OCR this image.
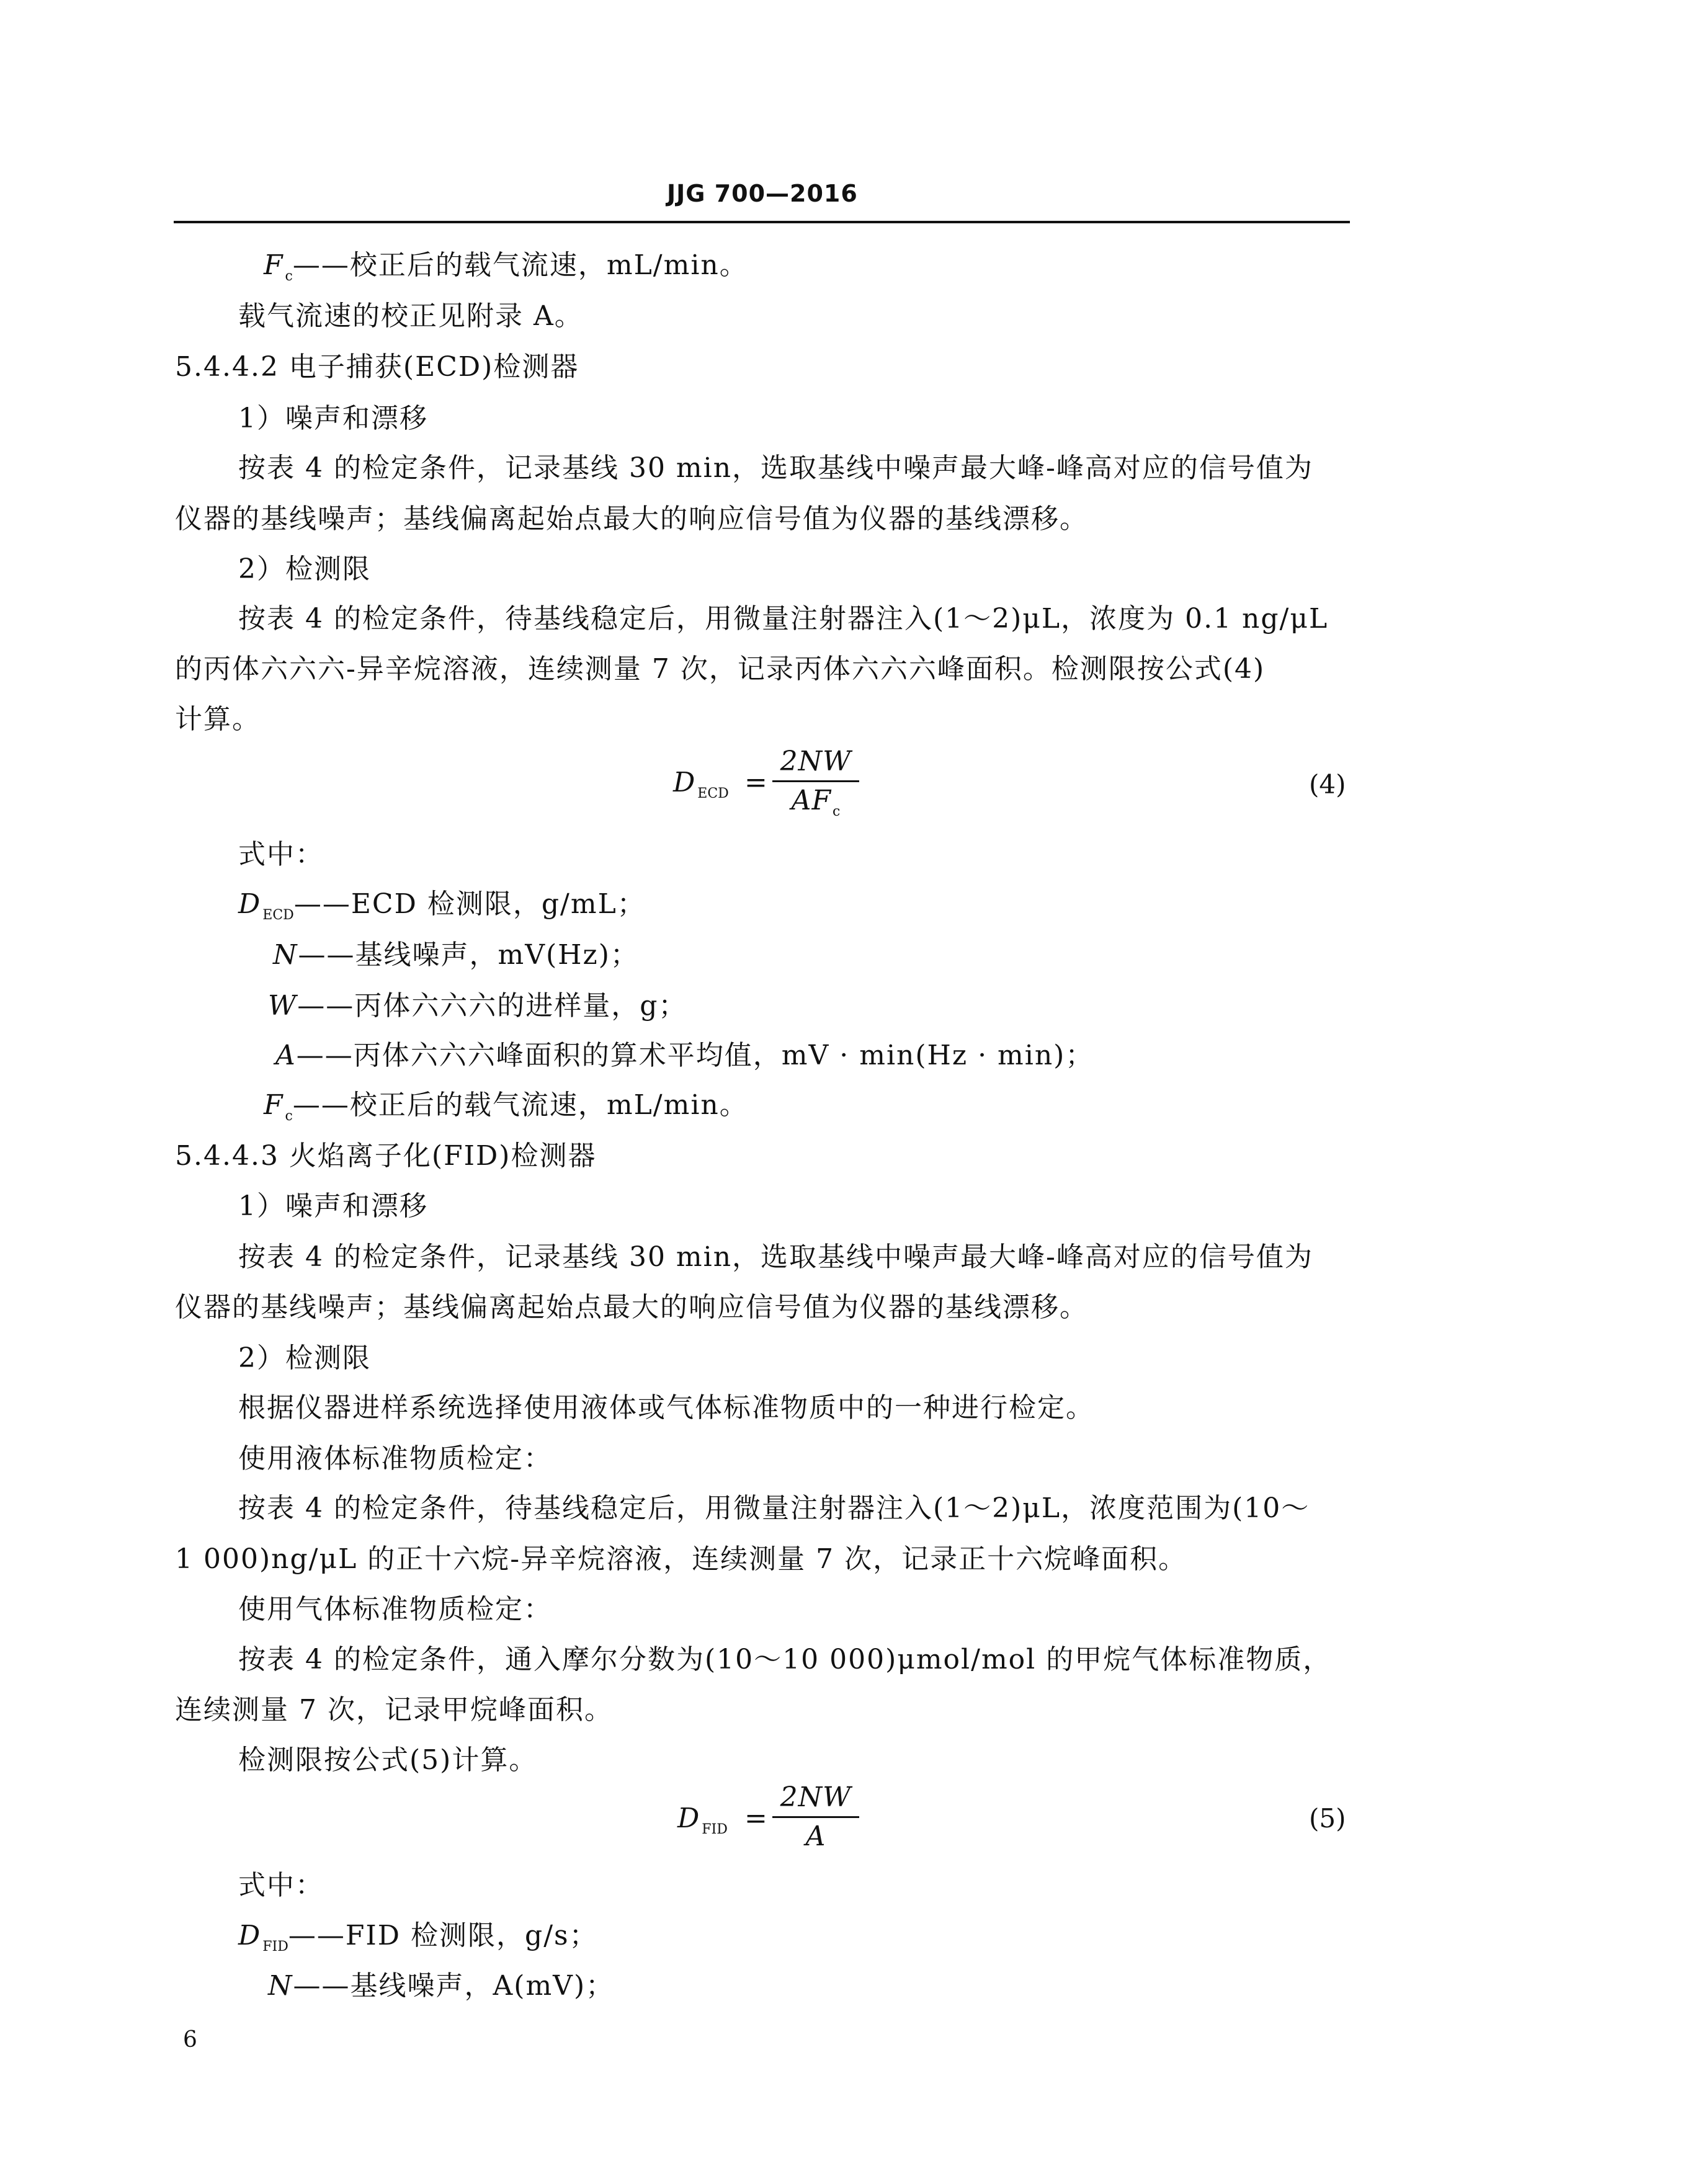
JJG 700—2016
$F_c——$校正后的载气流速，mL/min。
载气流速的校正见附录 A。
5.4.4.2 电子捕获(ECD)检测器
1）噪声和漂移
按表 4 的检定条件，记录基线 30 min，选取基线中噪声最大峰-峰高对应的信号值为
仪器的基线噪声；基线偏离起始点最大的响应信号值为仪器的基线漂移。
2）检测限
按表 4 的检定条件，待基线稳定后，用微量注射器注入(1～2)μL，浓度为 0.1 ng/μL
的丙体六六六-异辛烷溶液，连续测量 7 次，记录丙体六六六峰面积。检测限按公式(4)
计算。
$D_{ECD}$ =
2NW
$AF_c$
(4)
式中：
$D_{ECD}——ECD$ 检测限，g/mL；
N——基线噪声，mV(Hz)；
W——丙体六六六的进样量，g；
A——丙体六六六峰面积的算术平均值，mV · min(Hz · min)；
$F_c——$校正后的载气流速，mL/min。
5.4.4.3 火焰离子化(FID)检测器
1）噪声和漂移
按表 4 的检定条件，记录基线 30 min，选取基线中噪声最大峰-峰高对应的信号值为
仪器的基线噪声；基线偏离起始点最大的响应信号值为仪器的基线漂移。
2）检测限
根据仪器进样系统选择使用液体或气体标准物质中的一种进行检定。
使用液体标准物质检定：
按表 4 的检定条件，待基线稳定后，用微量注射器注入(1～2)μL，浓度范围为(10～
1 000)ng/μL 的正十六烷-异辛烷溶液，连续测量 7 次，记录正十六烷峰面积。
使用气体标准物质检定：
按表 4 的检定条件，通入摩尔分数为(10～10 000)μmol/mol 的甲烷气体标准物质，
连续测量 7 次，记录甲烷峰面积。
检测限按公式(5)计算。
$D_{FID}$ =
2NW
A
(5)
式中：
$D_{FID}——FID$ 检测限，g/s；
N——基线噪声，A(mV)；
6
